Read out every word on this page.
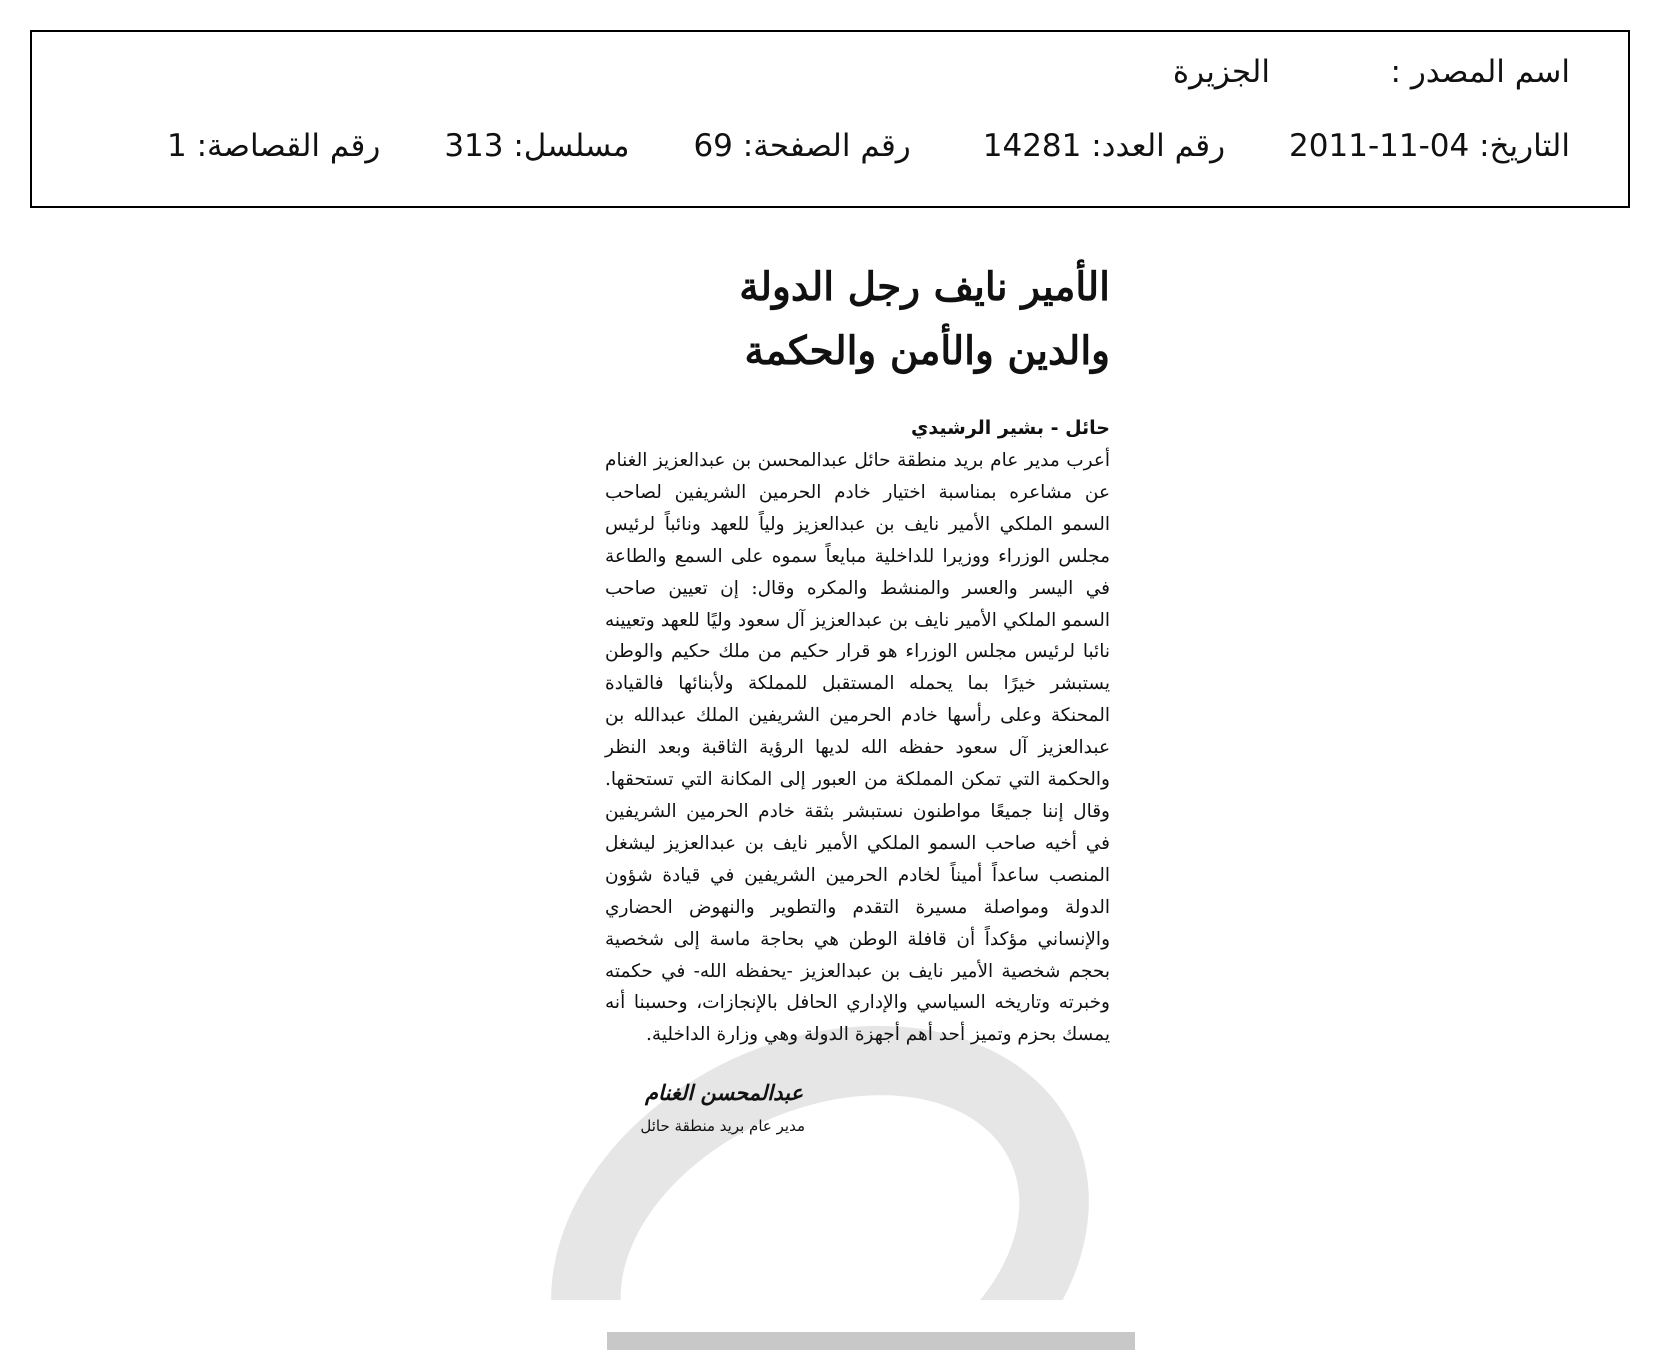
اسم المصدر :الجزيرة
التاريخ: 2011-11-04رقم العدد: 14281رقم الصفحة: 69مسلسل: 313رقم القصاصة: 1
الأمير نايف رجل الدولة
والدين والأمن والحكمة
حائل - بشير الرشيدي
أعرب مدير عام بريد منطقة حائل عبدالمحسن بن عبدالعزيز الغنام عن مشاعره بمناسبة اختيار خادم الحرمين الشريفين لصاحب السمو الملكي الأمير نايف بن عبدالعزيز ولياً للعهد ونائباً لرئيس مجلس الوزراء ووزيرا للداخلية مبايعاً سموه على السمع والطاعة في اليسر والعسر والمنشط والمكره وقال: إن تعيين صاحب السمو الملكي الأمير نايف بن عبدالعزيز آل سعود وليًا للعهد وتعيينه نائبا لرئيس مجلس الوزراء هو قرار حكيم من ملك حكيم والوطن يستبشر خيرًا بما يحمله المستقبل للمملكة ولأبنائها فالقيادة المحنكة وعلى رأسها خادم الحرمين الشريفين الملك عبدالله بن عبدالعزيز آل سعود حفظه الله لديها الرؤية الثاقبة وبعد النظر والحكمة التي تمكن المملكة من العبور إلى المكانة التي تستحقها. وقال إننا جميعًا مواطنون نستبشر بثقة خادم الحرمين الشريفين في أخيه صاحب السمو الملكي الأمير نايف بن عبدالعزيز ليشغل المنصب ساعداً أميناً لخادم الحرمين الشريفين في قيادة شؤون الدولة ومواصلة مسيرة التقدم والتطوير والنهوض الحضاري والإنساني مؤكداً أن قافلة الوطن هي بحاجة ماسة إلى شخصية بحجم شخصية الأمير نايف بن عبدالعزيز -يحفظه الله- في حكمته وخبرته وتاريخه السياسي والإداري الحافل بالإنجازات، وحسبنا أنه يمسك بحزم وتميز أحد أهم أجهزة الدولة وهي وزارة الداخلية.
عبدالمحسن الغنام
مدير عام بريد منطقة حائل
